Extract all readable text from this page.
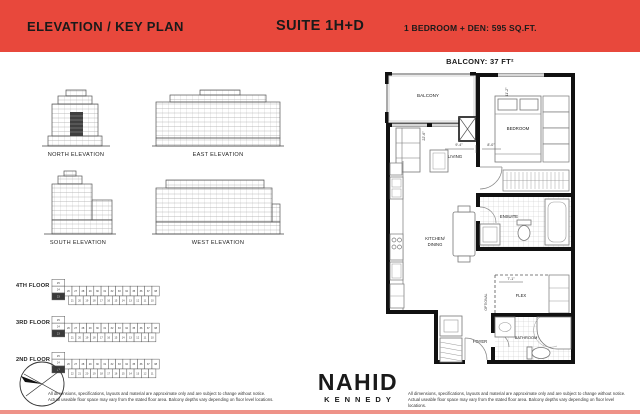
ELEVATION / KEY PLAN	SUITE 1H+D	1 BEDROOM + DEN: 595 SQ.FT.
NORTH ELEVATION	EAST ELEVATION
SOUTH ELEVATION	WEST ELEVATION
4TH FLOOR	25
24
23
26 27 28 29 30 31 32 33 34 35 36 37 38
21 20 19 18 17 16 15 14 13 12 11 10
3RD FLOOR	25
24
23
26 27 28 29 30 31 32 33 34 35 36 37 38
21 20 19 18 17 16 15 14 13 12 11 10
2ND FLOOR
25
24
23
26 27 28 29 30 31 32 33 34 35 36 37 38
22 21 20 19 18 17 16 15 14 13 12 11
All dimensions, specifications, layouts and material are approximate only and are subject to change without notice.
Actual useable floor space may vary from the stated floor area. Balcony depths vary depending on floor level locations.
BALCONY: 37 FT²
BALCONY
BEDROOM
11'-2"
ENSUITE
LIVING
9'-4"	8'-0"
22'-6"
KITCHEN/
DINING
FLEX
7'-1"
OPTIONAL
FOYER
BATHROOM
NAHID
KENNEDY
All dimensions, specifications, layouts and material are approximate only and are subject to change without notice.
Actual useable floor space may vary from the stated floor area. Balcony depths vary depending on floor level locations.
